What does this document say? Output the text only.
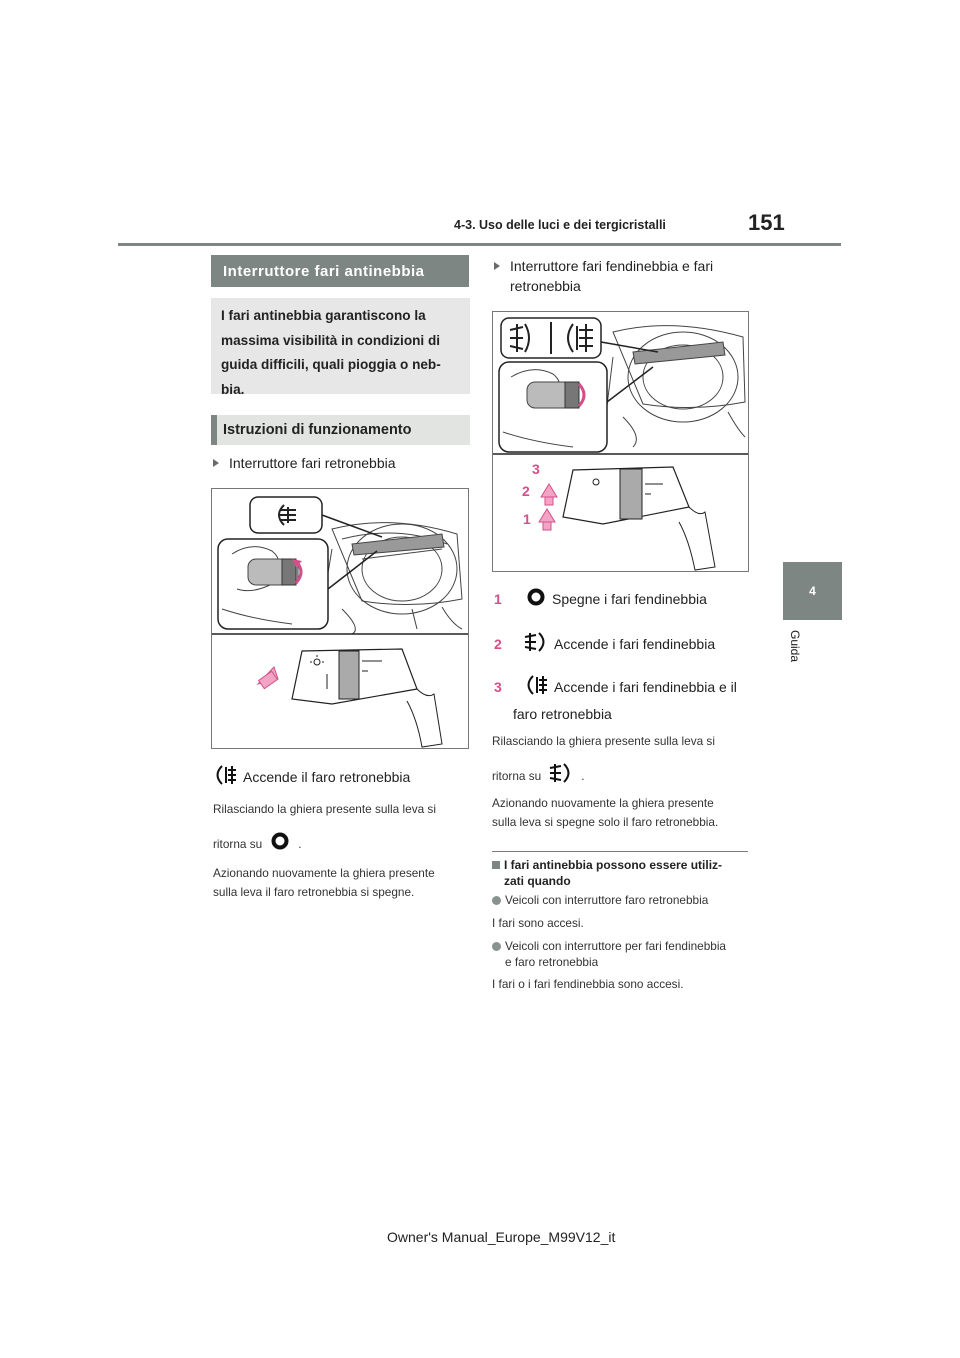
4-3. Uso delle luci e dei tergicristalli	151
4
Guida
Interruttore fari antinebbia
I fari antinebbia garantiscono la
massima visibilità in condizioni di
guida difficili, quali pioggia o neb-
bia.
Istruzioni di funzionamento
Interruttore fari retronebbia
Accende il faro retronebbia
Rilasciando la ghiera presente sulla leva si
ritorna su	.
Azionando nuovamente la ghiera presente
sulla leva il faro retronebbia si spegne.
Interruttore fari fendinebbia e fari
retronebbia
3
2
1
1	Spegne i fari fendinebbia
2	Accende i fari fendinebbia
3	Accende i fari fendinebbia e il
faro retronebbia
Rilasciando la ghiera presente sulla leva si
ritorna su	.
Azionando nuovamente la ghiera presente
sulla leva si spegne solo il faro retronebbia.
I fari antinebbia possono essere utiliz-
zati quando
Veicoli con interruttore faro retronebbia
I fari sono accesi.
Veicoli con interruttore per fari fendinebbia
e faro retronebbia
I fari o i fari fendinebbia sono accesi.
Owner's Manual_Europe_M99V12_it
